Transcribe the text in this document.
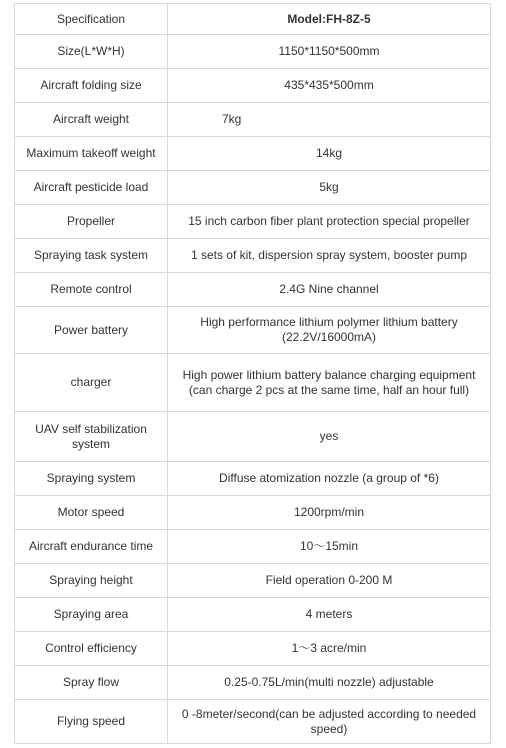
Specification	Model:FH-8Z-5
Size(L*W*H)	1150*1150*500mm
Aircraft folding size	435*435*500mm
Aircraft weight	7kg
Maximum takeoff weight	14kg
Aircraft pesticide load	5kg
Propeller	15 inch carbon fiber plant protection special propeller
Spraying task system	1 sets of kit, dispersion spray system, booster pump
Remote control	2.4G Nine channel
Power battery	High performance lithium polymer lithium battery (22.2V/16000mA)
charger	High power lithium battery balance charging equipment (can charge 2 pcs at the same time, half an hour full)
UAV self stabilization system	yes
Spraying system	Diffuse atomization nozzle (a group of *6)
Motor speed	1200rpm/min
Aircraft endurance time	10～15min
Spraying height	Field operation 0-200 M
Spraying area	4 meters
Control efficiency	1～3 acre/min
Spray flow	0.25-0.75L/min(multi nozzle) adjustable
Flying speed	0 -8meter/second(can be adjusted according to needed speed)
